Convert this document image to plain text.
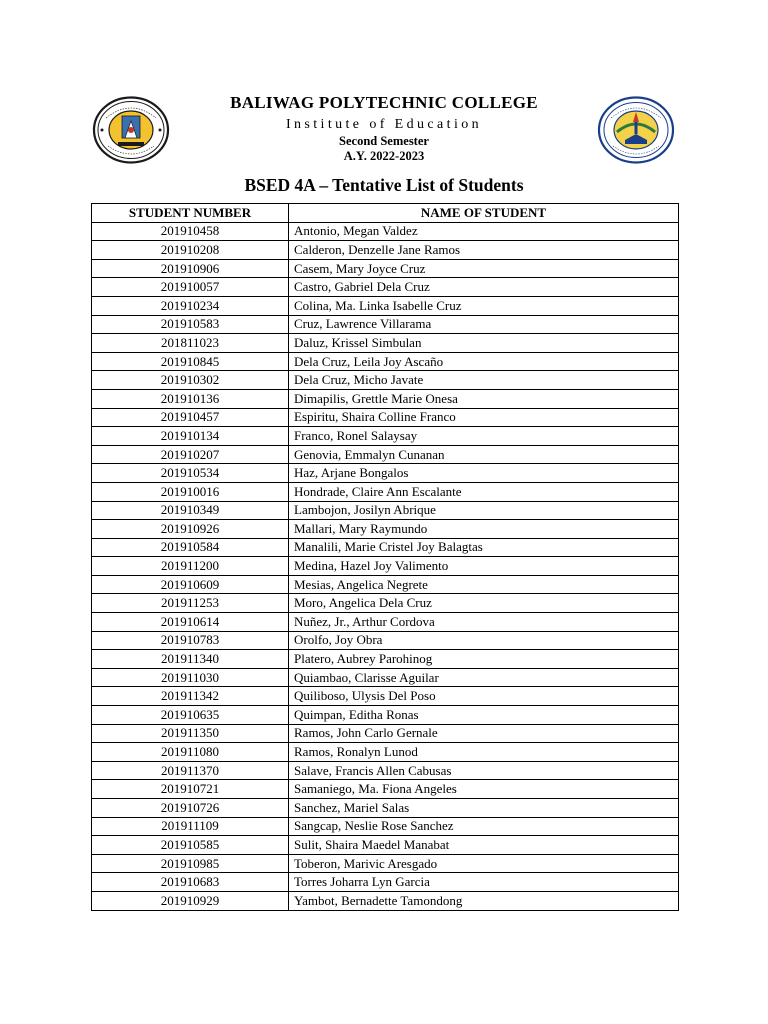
BALIWAG POLYTECHNIC COLLEGE
Institute of Education
Second Semester
A.Y. 2022-2023
BSED 4A – Tentative List of Students
STUDENT NUMBER	NAME OF STUDENT
201910458	Antonio, Megan Valdez
201910208	Calderon, Denzelle Jane Ramos
201910906	Casem, Mary Joyce Cruz
201910057	Castro, Gabriel Dela Cruz
201910234	Colina, Ma. Linka Isabelle Cruz
201910583	Cruz, Lawrence Villarama
201811023	Daluz, Krissel Simbulan
201910845	Dela Cruz, Leila Joy Ascaño
201910302	Dela Cruz, Micho Javate
201910136	Dimapilis, Grettle Marie Onesa
201910457	Espiritu, Shaira Colline Franco
201910134	Franco, Ronel Salaysay
201910207	Genovia, Emmalyn Cunanan
201910534	Haz, Arjane Bongalos
201910016	Hondrade, Claire Ann Escalante
201910349	Lambojon, Josilyn Abrique
201910926	Mallari, Mary Raymundo
201910584	Manalili, Marie Cristel Joy Balagtas
201911200	Medina, Hazel Joy Valimento
201910609	Mesias, Angelica Negrete
201911253	Moro, Angelica Dela Cruz
201910614	Nuñez, Jr., Arthur Cordova
201910783	Orolfo, Joy Obra
201911340	Platero, Aubrey Parohinog
201911030	Quiambao, Clarisse Aguilar
201911342	Quiliboso, Ulysis Del Poso
201910635	Quimpan, Editha Ronas
201911350	Ramos, John Carlo Gernale
201911080	Ramos, Ronalyn Lunod
201911370	Salave, Francis Allen Cabusas
201910721	Samaniego, Ma. Fiona Angeles
201910726	Sanchez, Mariel Salas
201911109	Sangcap, Neslie Rose Sanchez
201910585	Sulit, Shaira Maedel Manabat
201910985	Toberon, Marivic Aresgado
201910683	Torres Joharra Lyn Garcia
201910929	Yambot, Bernadette Tamondong
